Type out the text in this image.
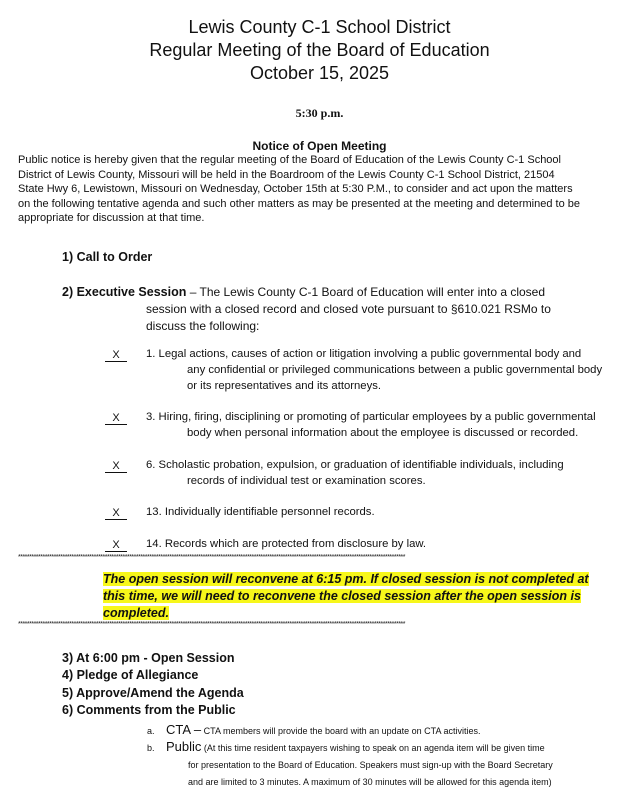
Lewis County C-1 School District
Regular Meeting of the Board of Education
October 15, 2025
5:30 p.m.
Notice of Open Meeting
Public notice is hereby given that the regular meeting of the Board of Education of the Lewis County C-1 School
District of Lewis County, Missouri will be held in the Boardroom of the Lewis County C-1 School District, 21504
State Hwy 6, Lewistown, Missouri on Wednesday, October 15th at 5:30 P.M., to consider and act upon the matters
on the following tentative agenda and such other matters as may be presented at the meeting and determined to be
appropriate for discussion at that time.
1) Call to Order
2) Executive Session – The Lewis County C-1 Board of Education will enter into a closed
session with a closed record and closed vote pursuant to §610.021 RSMo to
discuss the following:
X	1. Legal actions, causes of action or litigation involving a public governmental body and
any confidential or privileged communications between a public governmental body
or its representatives and its attorneys.
X	3. Hiring, firing, disciplining or promoting of particular employees by a public governmental
body when personal information about the employee is discussed or recorded.
X	6. Scholastic probation, expulsion, or graduation of identifiable individuals, including
records of individual test or examination scores.
X	13. Individually identifiable personnel records.
X	14. Records which are protected from disclosure by law.
******************************************************************************************************************************************************************************
The open session will reconvene at 6:15 pm. If closed session is not completed at
this time, we will need to reconvene the closed session after the open session is
completed.
******************************************************************************************************************************************************************************
3) At 6:00 pm - Open Session
4) Pledge of Allegiance
5) Approve/Amend the Agenda
6) Comments from the Public
a. CTA – CTA members will provide the board with an update on CTA activities.
b. Public (At this time resident taxpayers wishing to speak on an agenda item will be given time
for presentation to the Board of Education. Speakers must sign-up with the Board Secretary
and are limited to 3 minutes. A maximum of 30 minutes will be allowed for this agenda item)
